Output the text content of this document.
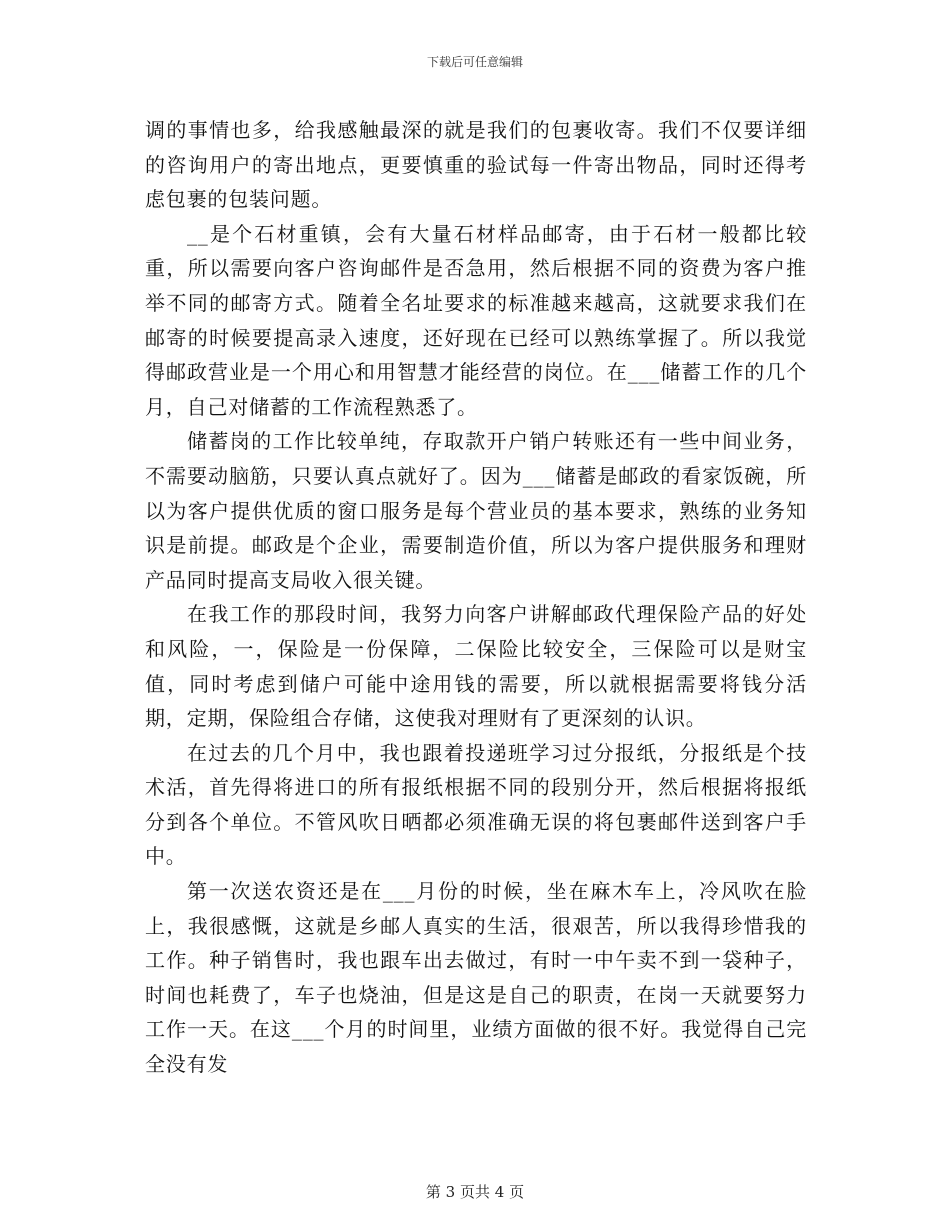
下载后可任意编辑

调的事情也多，给我感触最深的就是我们的包裹收寄。我们不仅要详细的咨询用户的寄出地点，更要慎重的验试每一件寄出物品，同时还得考虑包裹的包装问题。

__是个石材重镇，会有大量石材样品邮寄，由于石材一般都比较重，所以需要向客户咨询邮件是否急用，然后根据不同的资费为客户推举不同的邮寄方式。随着全名址要求的标准越来越高，这就要求我们在邮寄的时候要提高录入速度，还好现在已经可以熟练掌握了。所以我觉得邮政营业是一个用心和用智慧才能经营的岗位。在___储蓄工作的几个月，自己对储蓄的工作流程熟悉了。

储蓄岗的工作比较单纯，存取款开户销户转账还有一些中间业务，不需要动脑筋，只要认真点就好了。因为___储蓄是邮政的看家饭碗，所以为客户提供优质的窗口服务是每个营业员的基本要求，熟练的业务知识是前提。邮政是个企业，需要制造价值，所以为客户提供服务和理财产品同时提高支局收入很关键。

在我工作的那段时间，我努力向客户讲解邮政代理保险产品的好处和风险，一，保险是一份保障，二保险比较安全，三保险可以是财宝值，同时考虑到储户可能中途用钱的需要，所以就根据需要将钱分活期，定期，保险组合存储，这使我对理财有了更深刻的认识。

在过去的几个月中，我也跟着投递班学习过分报纸，分报纸是个技术活，首先得将进口的所有报纸根据不同的段别分开，然后根据将报纸分到各个单位。不管风吹日晒都必须准确无误的将包裹邮件送到客户手中。

第一次送农资还是在___月份的时候，坐在麻木车上，冷风吹在脸上，我很感慨，这就是乡邮人真实的生活，很艰苦，所以我得珍惜我的工作。种子销售时，我也跟车出去做过，有时一中午卖不到一袋种子，时间也耗费了，车子也烧油，但是这是自己的职责，在岗一天就要努力工作一天。在这___个月的时间里，业绩方面做的很不好。我觉得自己完全没有发

第 3 页共 4 页
